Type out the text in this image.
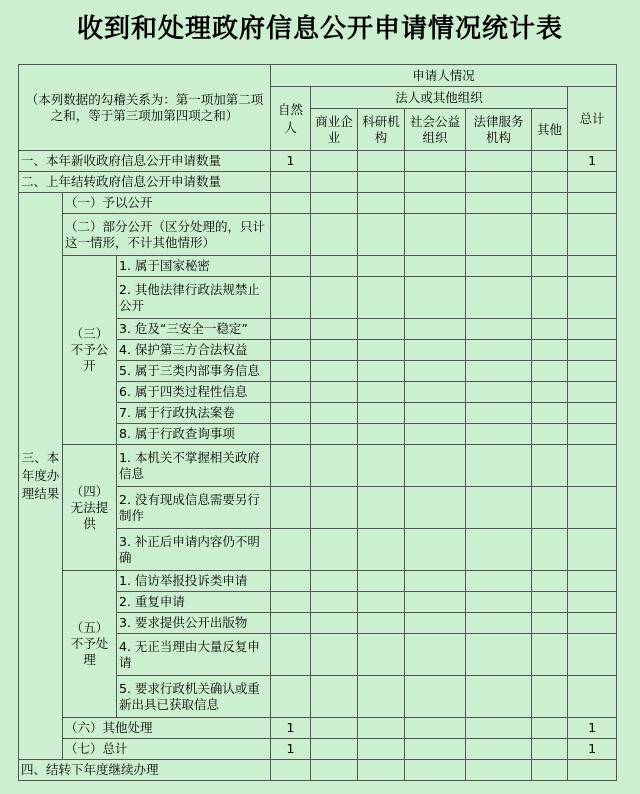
收到和处理政府信息公开申请情况统计表
（本列数据的勾稽关系为：第一项加第二项之和，等于第三项加第四项之和）			申请人情况						
			自然人	法人或其他组织					总计
				商业企业	科研机构	社会公益组织	法律服务机构	其他	
一、本年新收政府信息公开申请数量			1						1
二、上年结转政府信息公开申请数量									
三、本年度办理结果	（一）予以公开								
	（二）部分公开（区分处理的，只计这一情形，不计其他情形）								
	（三）不予公开	1. 属于国家秘密							
		2. 其他法律行政法规禁止公开							
		3. 危及“三安全一稳定”							
		4. 保护第三方合法权益							
		5. 属于三类内部事务信息							
		6. 属于四类过程性信息							
		7. 属于行政执法案卷							
		8. 属于行政查询事项							
	（四）无法提供	1. 本机关不掌握相关政府信息							
		2. 没有现成信息需要另行制作							
		3. 补正后申请内容仍不明确							
	（五）不予处理	1. 信访举报投诉类申请							
		2. 重复申请							
		3. 要求提供公开出版物							
		4. 无正当理由大量反复申请							
		5. 要求行政机关确认或重新出具已获取信息							
	（六）其他处理		1						1
	（七）总计		1						1
四、结转下年度继续办理									
